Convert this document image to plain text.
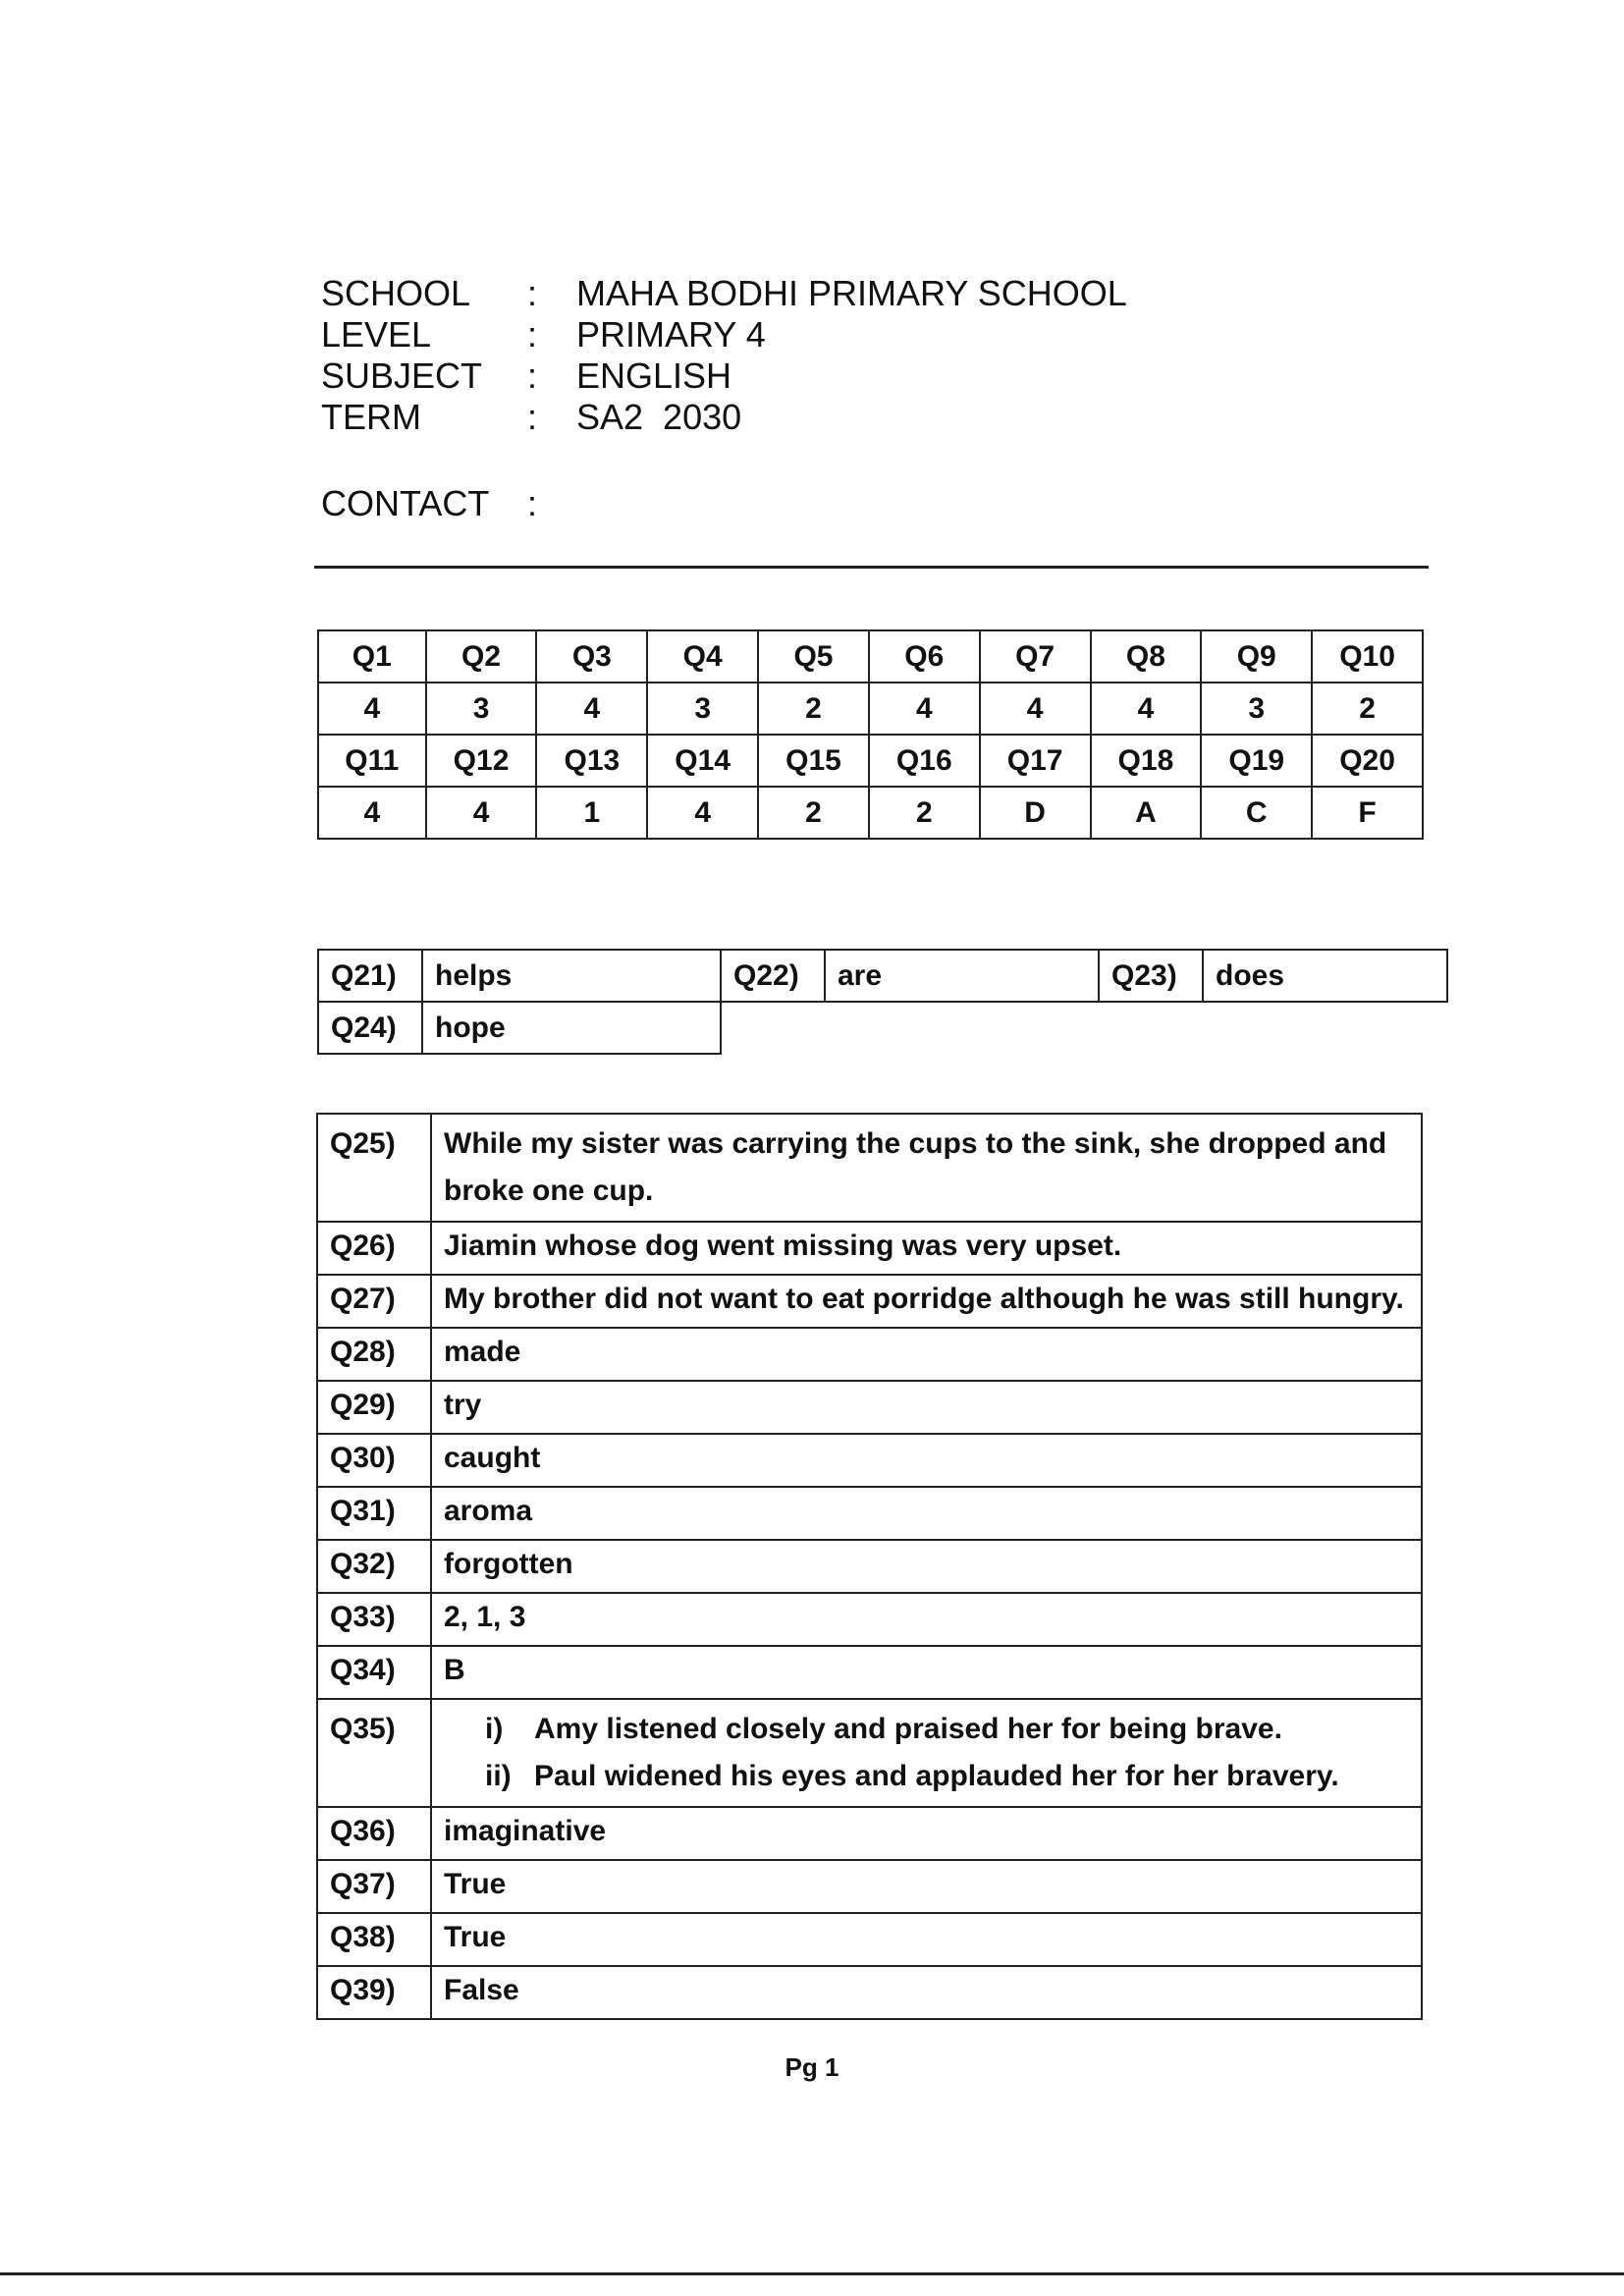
SCHOOL	:	MAHA BODHI PRIMARY SCHOOL
LEVEL	:	PRIMARY 4
SUBJECT	:	ENGLISH
TERM	:	SA2  2030
CONTACT	:
Q1	Q2	Q3	Q4	Q5	Q6	Q7	Q8	Q9	Q10
4	3	4	3	2	4	4	4	3	2
Q11	Q12	Q13	Q14	Q15	Q16	Q17	Q18	Q19	Q20
4	4	1	4	2	2	D	A	C	F
Q21)	helps	Q22)	are	Q23)	does
Q24)	hope				
Q25)	While my sister was carrying the cups to the sink, she dropped and broke one cup.
Q26)	Jiamin whose dog went missing was very upset.
Q27)	My brother did not want to eat porridge although he was still hungry.
Q28)	made
Q29)	try
Q30)	caught
Q31)	aroma
Q32)	forgotten
Q33)	2, 1, 3
Q34)	B
Q35)	i) Amy listened closely and praised her for being brave.
ii) Paul widened his eyes and applauded her for her bravery.

Q36)	imaginative
Q37)	True
Q38)	True
Q39)	False
Pg 1
